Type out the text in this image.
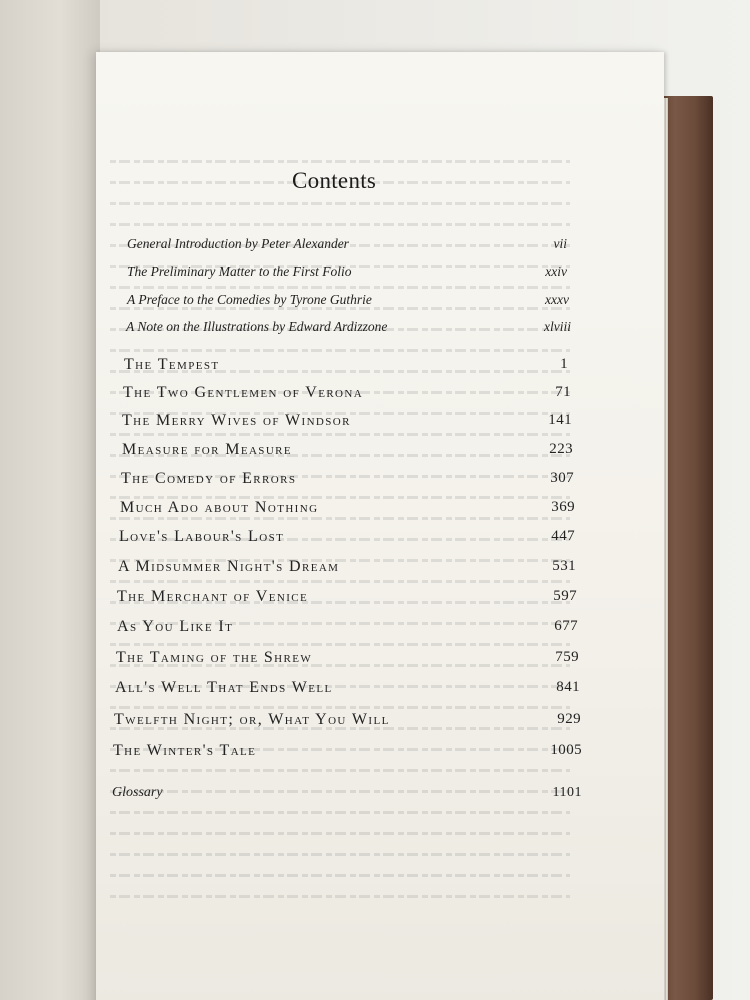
Contents
General Introduction by Peter Alexander	vii
The Preliminary Matter to the First Folio	xxiv
A Preface to the Comedies by Tyrone Guthrie	xxxv
A Note on the Illustrations by Edward Ardizzone	xlviii
The Tempest	1
The Two Gentlemen of Verona	71
The Merry Wives of Windsor	141
Measure for Measure	223
The Comedy of Errors	307
Much Ado about Nothing	369
Love's Labour's Lost	447
A Midsummer Night's Dream	531
The Merchant of Venice	597
As You Like It	677
The Taming of the Shrew	759
All's Well That Ends Well	841
Twelfth Night; or, What You Will	929
The Winter's Tale	1005
Glossary	1101
